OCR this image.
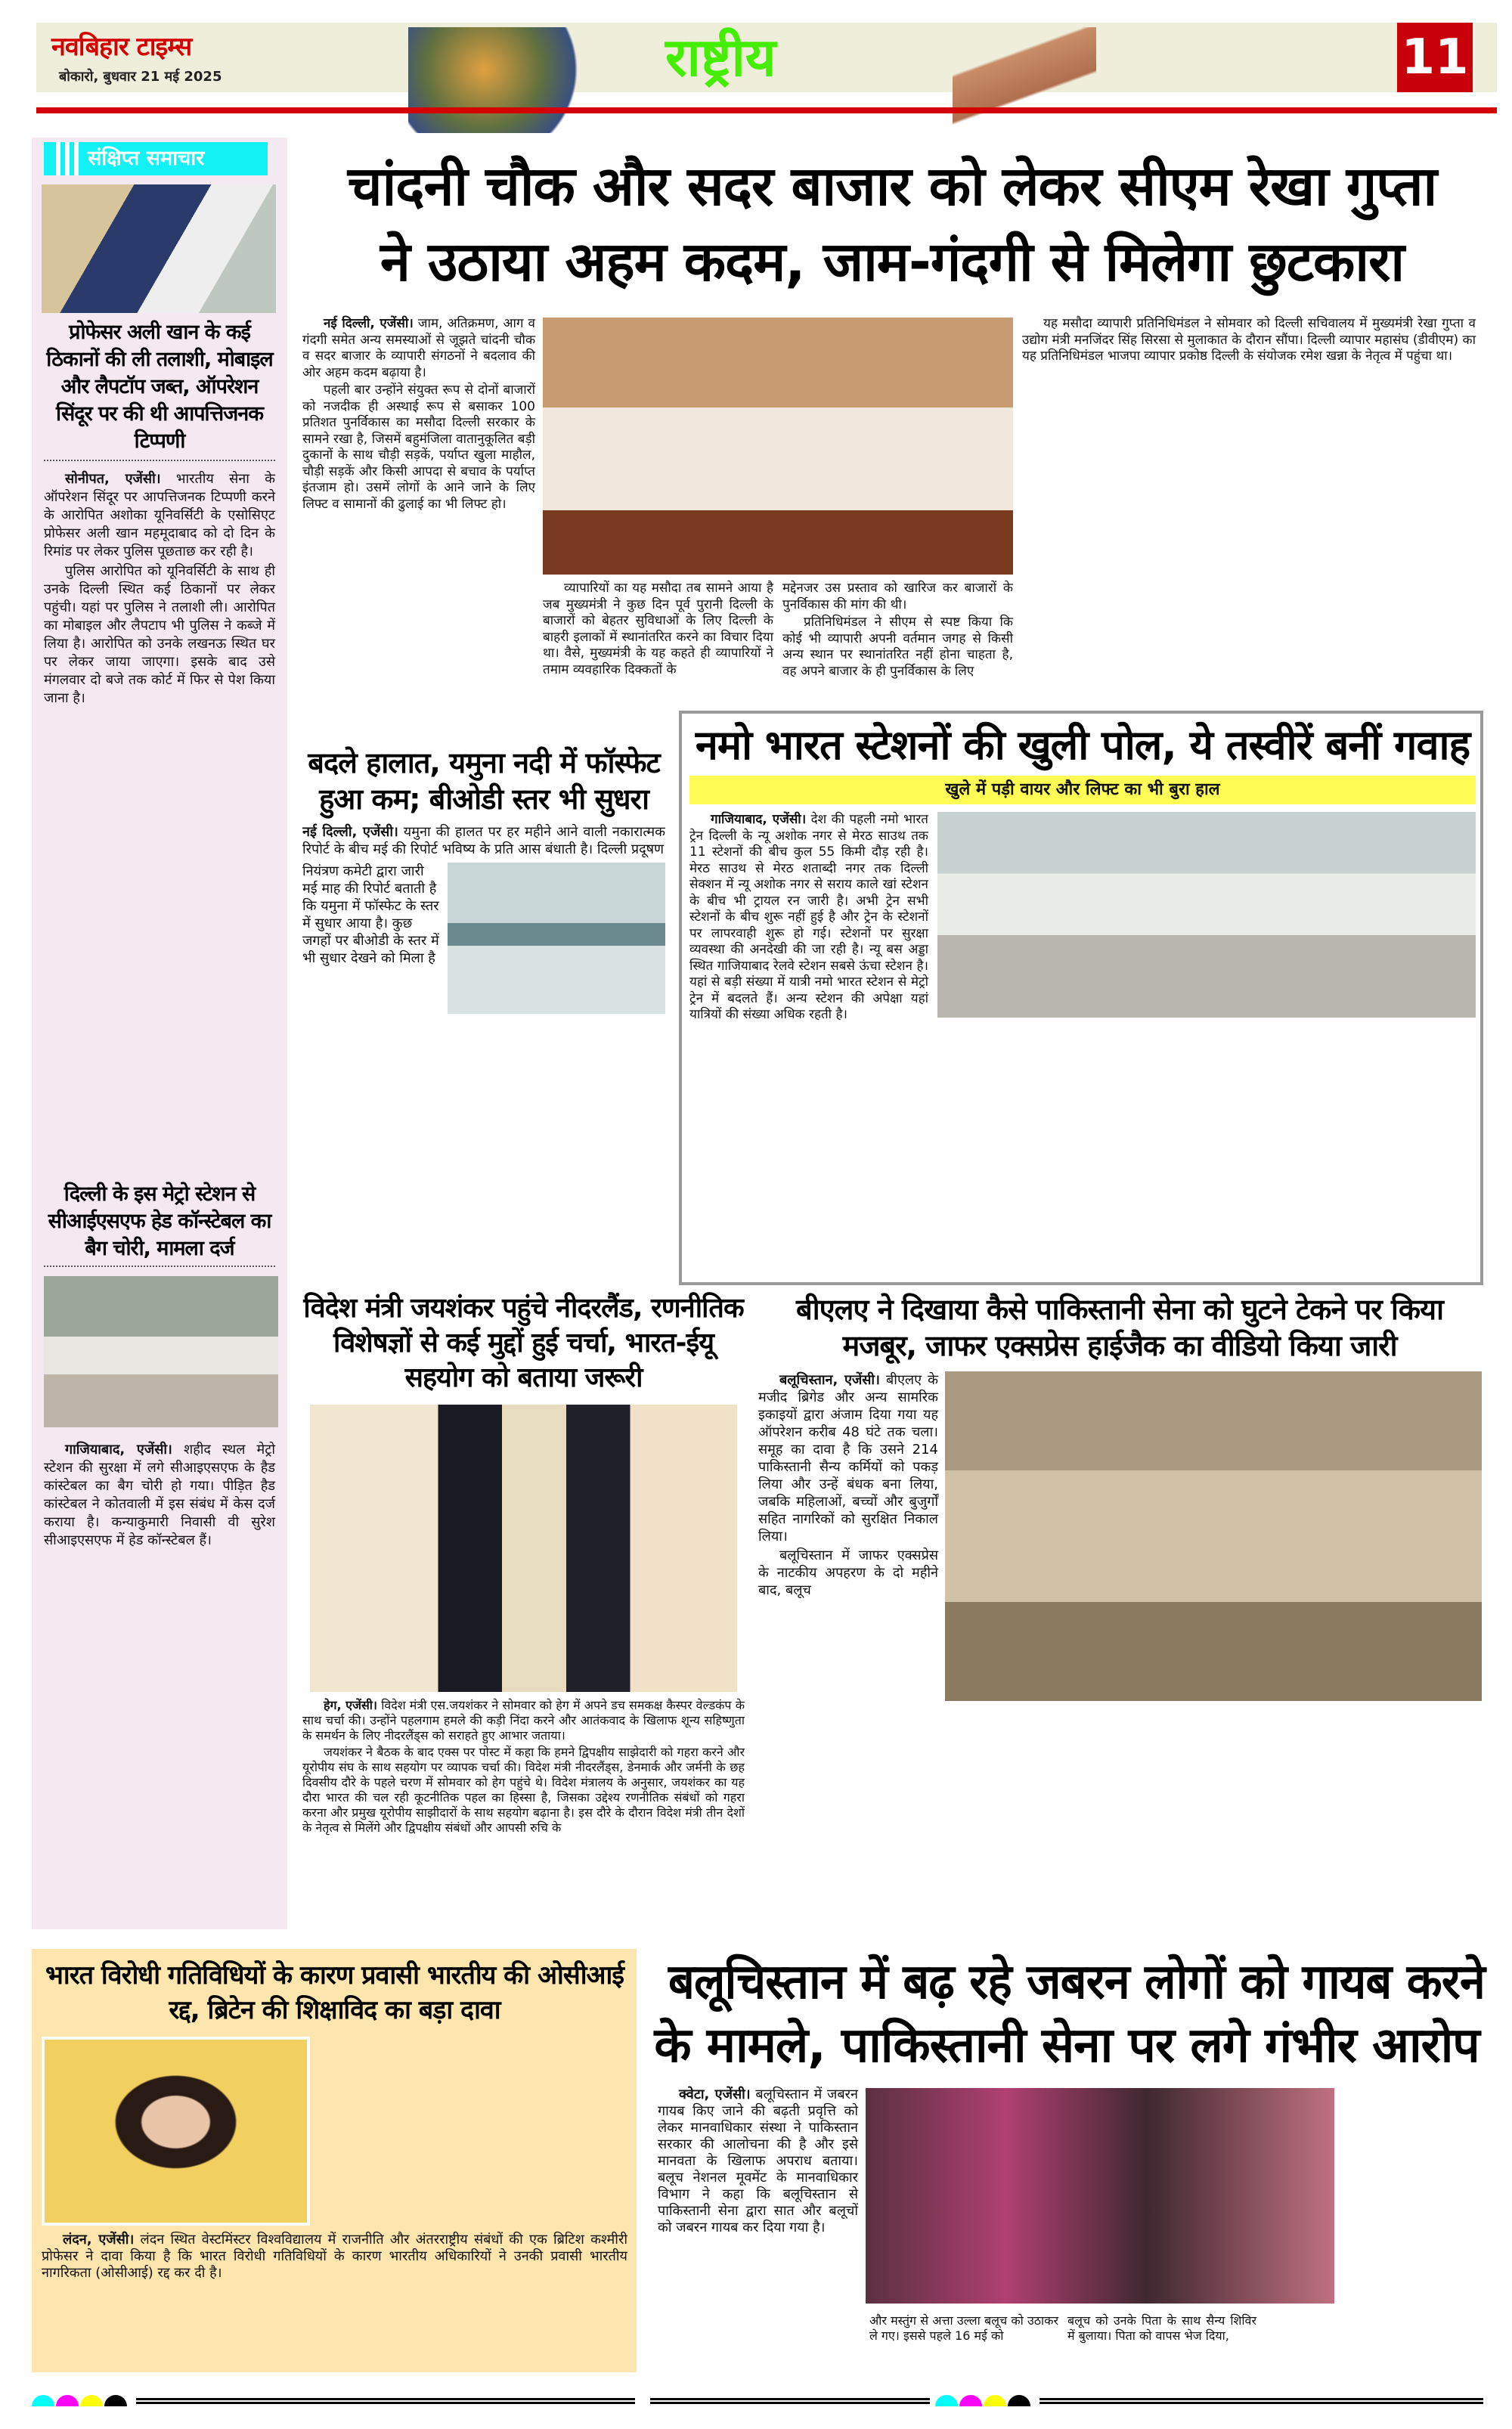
नवबिहार टाइम्स
बोकारो, बुधवार 21 मई 2025	राष्ट्रीय	11
संक्षिप्त समाचार
प्रोफेसर अली खान के कई ठिकानों की ली तलाशी, मोबाइल और लैपटॉप जब्त, ऑपरेशन सिंदूर पर की थी आपत्तिजनक टिप्पणी

सोनीपत, एजेंसी। भारतीय सेना के ऑपरेशन सिंदूर पर आपत्तिजनक टिप्पणी करने के आरोपित अशोका यूनिवर्सिटी के एसोसिएट प्रोफेसर अली खान महमूदाबाद को दो दिन के रिमांड पर लेकर पुलिस पूछताछ कर रही है।

पुलिस आरोपित को यूनिवर्सिटी के साथ ही उनके दिल्ली स्थित कई ठिकानों पर लेकर पहुंची। यहां पर पुलिस ने तलाशी ली। आरोपित का मोबाइल और लैपटाप भी पुलिस ने कब्जे में लिया है। आरोपित को उनके लखनऊ स्थित घर पर लेकर जाया जाएगा। इसके बाद उसे मंगलवार दो बजे तक कोर्ट में फिर से पेश किया जाना है।

दिल्ली के इस मेट्रो स्टेशन से सीआईएसएफ हेड कॉन्स्टेबल का बैग चोरी, मामला दर्ज

गाजियाबाद, एजेंसी। शहीद स्थल मेट्रो स्टेशन की सुरक्षा में लगे सीआइएसएफ के हैड कांस्टेबल का बैग चोरी हो गया। पीड़ित हैड कांस्टेबल ने कोतवाली में इस संबंध में केस दर्ज कराया है। कन्याकुमारी निवासी वी सुरेश सीआइएसएफ में हेड कॉन्स्टेबल हैं।

चांदनी चौक और सदर बाजार को लेकर सीएम रेखा गुप्ता
ने उठाया अहम कदम, जाम-गंदगी से मिलेगा छुटकारा

नई दिल्ली, एजेंसी। जाम, अतिक्रमण, आग व गंदगी समेत अन्य समस्याओं से जूझते चांदनी चौक व सदर बाजार के व्यापारी संगठनों ने बदलाव की ओर अहम कदम बढ़ाया है।

पहली बार उन्होंने संयुक्त रूप से दोनों बाजारों को नजदीक ही अस्थाई रूप से बसाकर 100 प्रतिशत पुनर्विकास का मसौदा दिल्ली सरकार के सामने रखा है, जिसमें बहुमंजिला वातानुकूलित बड़ी दुकानों के साथ चौड़ी सड़कें, पर्याप्त खुला माहौल, चौड़ी सड़कें और किसी आपदा से बचाव के पर्याप्त इंतजाम हो। उसमें लोगों के आने जाने के लिए लिफ्ट व सामानों की ढुलाई का भी लिफ्ट हो।

व्यापारियों का यह मसौदा तब सामने आया है जब मुख्यमंत्री ने कुछ दिन पूर्व पुरानी दिल्ली के बाजारों को बेहतर सुविधाओं के लिए दिल्ली के बाहरी इलाकों में स्थानांतरित करने का विचार दिया था। वैसे, मुख्यमंत्री के यह कहते ही व्यापारियों ने तमाम व्यवहारिक दिक्कतों के

मद्देनजर उस प्रस्ताव को खारिज कर बाजारों के पुनर्विकास की मांग की थी।

प्रतिनिधिमंडल ने सीएम से स्पष्ट किया कि कोई भी व्यापारी अपनी वर्तमान जगह से किसी अन्य स्थान पर स्थानांतरित नहीं होना चाहता है, वह अपने बाजार के ही पुनर्विकास के लिए

यह मसौदा व्यापारी प्रतिनिधिमंडल ने सोमवार को दिल्ली सचिवालय में मुख्यमंत्री रेखा गुप्ता व उद्योग मंत्री मनजिंदर सिंह सिरसा से मुलाकात के दौरान सौंपा। दिल्ली व्यापार महासंघ (डीवीएम) का यह प्रतिनिधिमंडल भाजपा व्यापार प्रकोष्ठ दिल्ली के संयोजक रमेश खन्ना के नेतृत्व में पहुंचा था।

बदले हालात, यमुना नदी में फॉस्फेट हुआ कम; बीओडी स्तर भी सुधरा
नई दिल्ली, एजेंसी। यमुना की हालत पर हर महीने आने वाली नकारात्मक रिपोर्ट के बीच मई की रिपोर्ट भविष्य के प्रति आस बंधाती है। दिल्ली प्रदूषण
नियंत्रण कमेटी द्वारा जारी मई माह की रिपोर्ट बताती है कि यमुना में फॉस्फेट के स्तर में सुधार आया है। कुछ जगहों पर बीओडी के स्तर में भी सुधार देखने को मिला है
नमो भारत स्टेशनों की खुली पोल, ये तस्वीरें बनीं गवाह
खुले में पड़ी वायर और लिफ्ट का भी बुरा हाल

गाजियाबाद, एजेंसी। देश की पहली नमो भारत ट्रेन दिल्ली के न्यू अशोक नगर से मेरठ साउथ तक 11 स्टेशनों की बीच कुल 55 किमी दौड़ रही है। मेरठ साउथ से मेरठ शताब्दी नगर तक दिल्ली सेक्शन में न्यू अशोक नगर से सराय काले खां स्टेशन के बीच भी ट्रायल रन जारी है। अभी ट्रेन सभी स्टेशनों के बीच शुरू नहीं हुई है और ट्रेन के स्टेशनों पर लापरवाही शुरू हो गई। स्टेशनों पर सुरक्षा व्यवस्था की अनदेखी की जा रही है। न्यू बस अड्डा स्थित गाजियाबाद रेलवे स्टेशन सबसे ऊंचा स्टेशन है। यहां से बड़ी संख्या में यात्री नमो भारत स्टेशन से मेट्रो ट्रेन में बदलते हैं। अन्य स्टेशन की अपेक्षा यहां यात्रियों की संख्या अधिक रहती है।

विदेश मंत्री जयशंकर पहुंचे नीदरलैंड, रणनीतिक विशेषज्ञों से कई मुद्दों हुई चर्चा, भारत-ईयू सहयोग को बताया जरूरी

हेग, एजेंसी। विदेश मंत्री एस.जयशंकर ने सोमवार को हेग में अपने डच समकक्ष कैस्पर वेल्डकंप के साथ चर्चा की। उन्होंने पहलगाम हमले की कड़ी निंदा करने और आतंकवाद के खिलाफ शून्य सहिष्णुता के समर्थन के लिए नीदरलैंड्स को सराहते हुए आभार जताया।

जयशंकर ने बैठक के बाद एक्स पर पोस्ट में कहा कि हमने द्विपक्षीय साझेदारी को गहरा करने और यूरोपीय संघ के साथ सहयोग पर व्यापक चर्चा की। विदेश मंत्री नीदरलैंड्स, डेनमार्क और जर्मनी के छह दिवसीय दौरे के पहले चरण में सोमवार को हेग पहुंचे थे। विदेश मंत्रालय के अनुसार, जयशंकर का यह दौरा भारत की चल रही कूटनीतिक पहल का हिस्सा है, जिसका उद्देश्य रणनीतिक संबंधों को गहरा करना और प्रमुख यूरोपीय साझीदारों के साथ सहयोग बढ़ाना है। इस दौरे के दौरान विदेश मंत्री तीन देशों के नेतृत्व से मिलेंगे और द्विपक्षीय संबंधों और आपसी रुचि के

बीएलए ने दिखाया कैसे पाकिस्तानी सेना को घुटने टेकने पर किया
मजबूर, जाफर एक्सप्रेस हाईजैक का वीडियो किया जारी

बलूचिस्तान, एजेंसी। बीएलए के मजीद ब्रिगेड और अन्य सामरिक इकाइयों द्वारा अंजाम दिया गया यह ऑपरेशन करीब 48 घंटे तक चला। समूह का दावा है कि उसने 214 पाकिस्तानी सैन्य कर्मियों को पकड़ लिया और उन्हें बंधक बना लिया, जबकि महिलाओं, बच्चों और बुजुर्गों सहित नागरिकों को सुरक्षित निकाल लिया।

बलूचिस्तान में जाफर एक्सप्रेस के नाटकीय अपहरण के दो महीने बाद, बलूच

भारत विरोधी गतिविधियों के कारण प्रवासी भारतीय की ओसीआई रद्द, ब्रिटेन की शिक्षाविद का बड़ा दावा

लंदन, एजेंसी। लंदन स्थित वेस्टमिंस्टर विश्वविद्यालय में राजनीति और अंतरराष्ट्रीय संबंधों की एक ब्रिटिश कश्मीरी प्रोफेसर ने दावा किया है कि भारत विरोधी गतिविधियों के कारण भारतीय अधिकारियों ने उनकी प्रवासी भारतीय नागरिकता (ओसीआई) रद्द कर दी है।

बलूचिस्तान में बढ़ रहे जबरन लोगों को गायब करने
के मामले, पाकिस्तानी सेना पर लगे गंभीर आरोप

क्वेटा, एजेंसी। बलूचिस्तान में जबरन गायब किए जाने की बढ़ती प्रवृत्ति को लेकर मानवाधिकार संस्था ने पाकिस्तान सरकार की आलोचना की है और इसे मानवता के खिलाफ अपराध बताया। बलूच नेशनल मूवमेंट के मानवाधिकार विभाग ने कहा कि बलूचिस्तान से पाकिस्तानी सेना द्वारा सात और बलूचों को जबरन गायब कर दिया गया है।

और मस्तुंग से अत्ता उल्ला बलूच को उठाकर ले गए। इससे पहले 16 मई को
बलूच को उनके पिता के साथ सैन्य शिविर में बुलाया। पिता को वापस भेज दिया,
